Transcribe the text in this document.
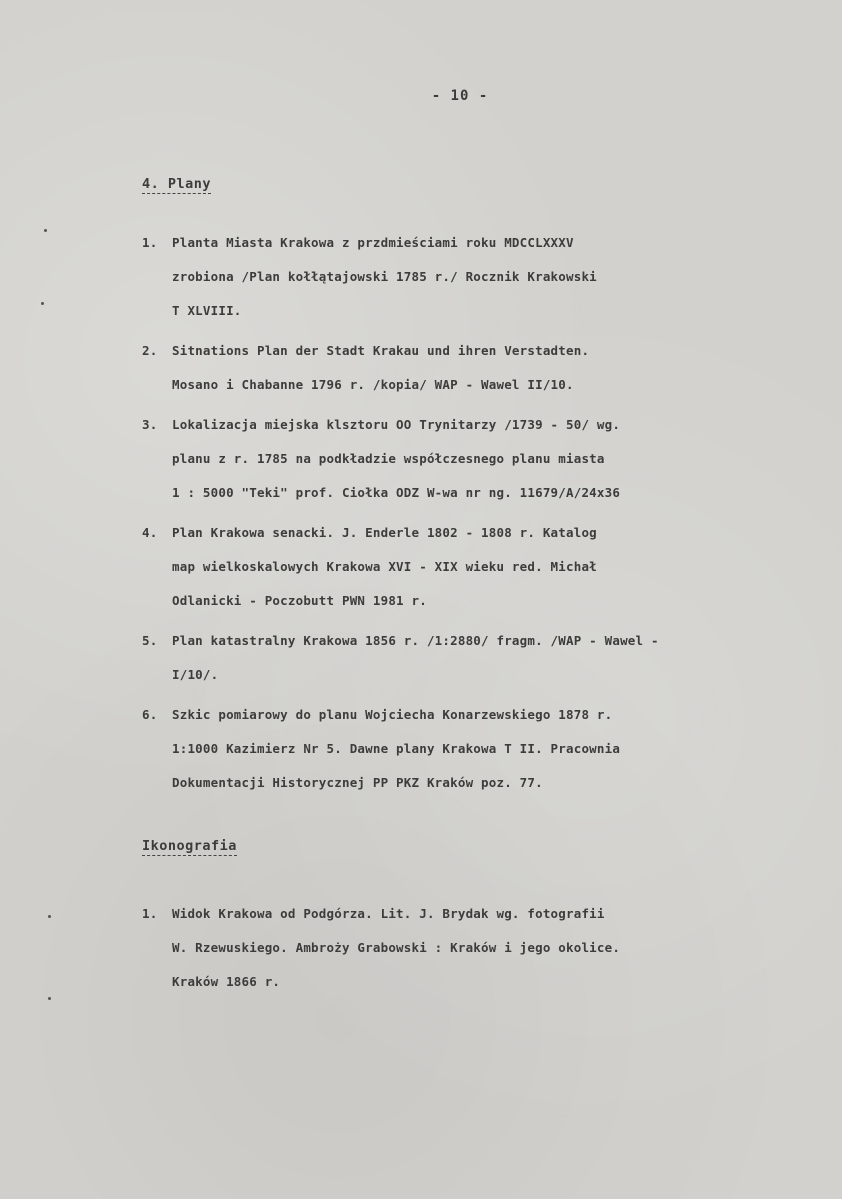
- 10 -
4. Plany
1. Planta Miasta Krakowa z przdmieściami roku MDCCLXXXV
zrobiona /Plan kołłątajowski 1785 r./ Rocznik Krakowski
T XLVIII.
2. Sitnations Plan der Stadt Krakau und ihren Verstadten.
Mosano i Chabanne 1796 r. /kopia/ WAP - Wawel II/10.
3. Lokalizacja miejska klsztoru OO Trynitarzy /1739 - 50/ wg.
planu z r. 1785 na podkładzie współczesnego planu miasta
1 : 5000 "Teki" prof. Ciołka ODZ W-wa nr ng. 11679/A/24x36
4. Plan Krakowa senacki. J. Enderle 1802 - 1808 r. Katalog
map wielkoskalowych Krakowa XVI - XIX wieku red. Michał
Odlanicki - Poczobutt PWN 1981 r.
5. Plan katastralny Krakowa 1856 r. /1:2880/ fragm. /WAP - Wawel -
I/10/.
6. Szkic pomiarowy do planu Wojciecha Konarzewskiego 1878 r.
1:1000 Kazimierz Nr 5. Dawne plany Krakowa T II. Pracownia
Dokumentacji Historycznej PP PKZ Kraków poz. 77.
Ikonografia
1. Widok Krakowa od Podgórza. Lit. J. Brydak wg. fotografii
W. Rzewuskiego. Ambroży Grabowski : Kraków i jego okolice.
Kraków 1866 r.
